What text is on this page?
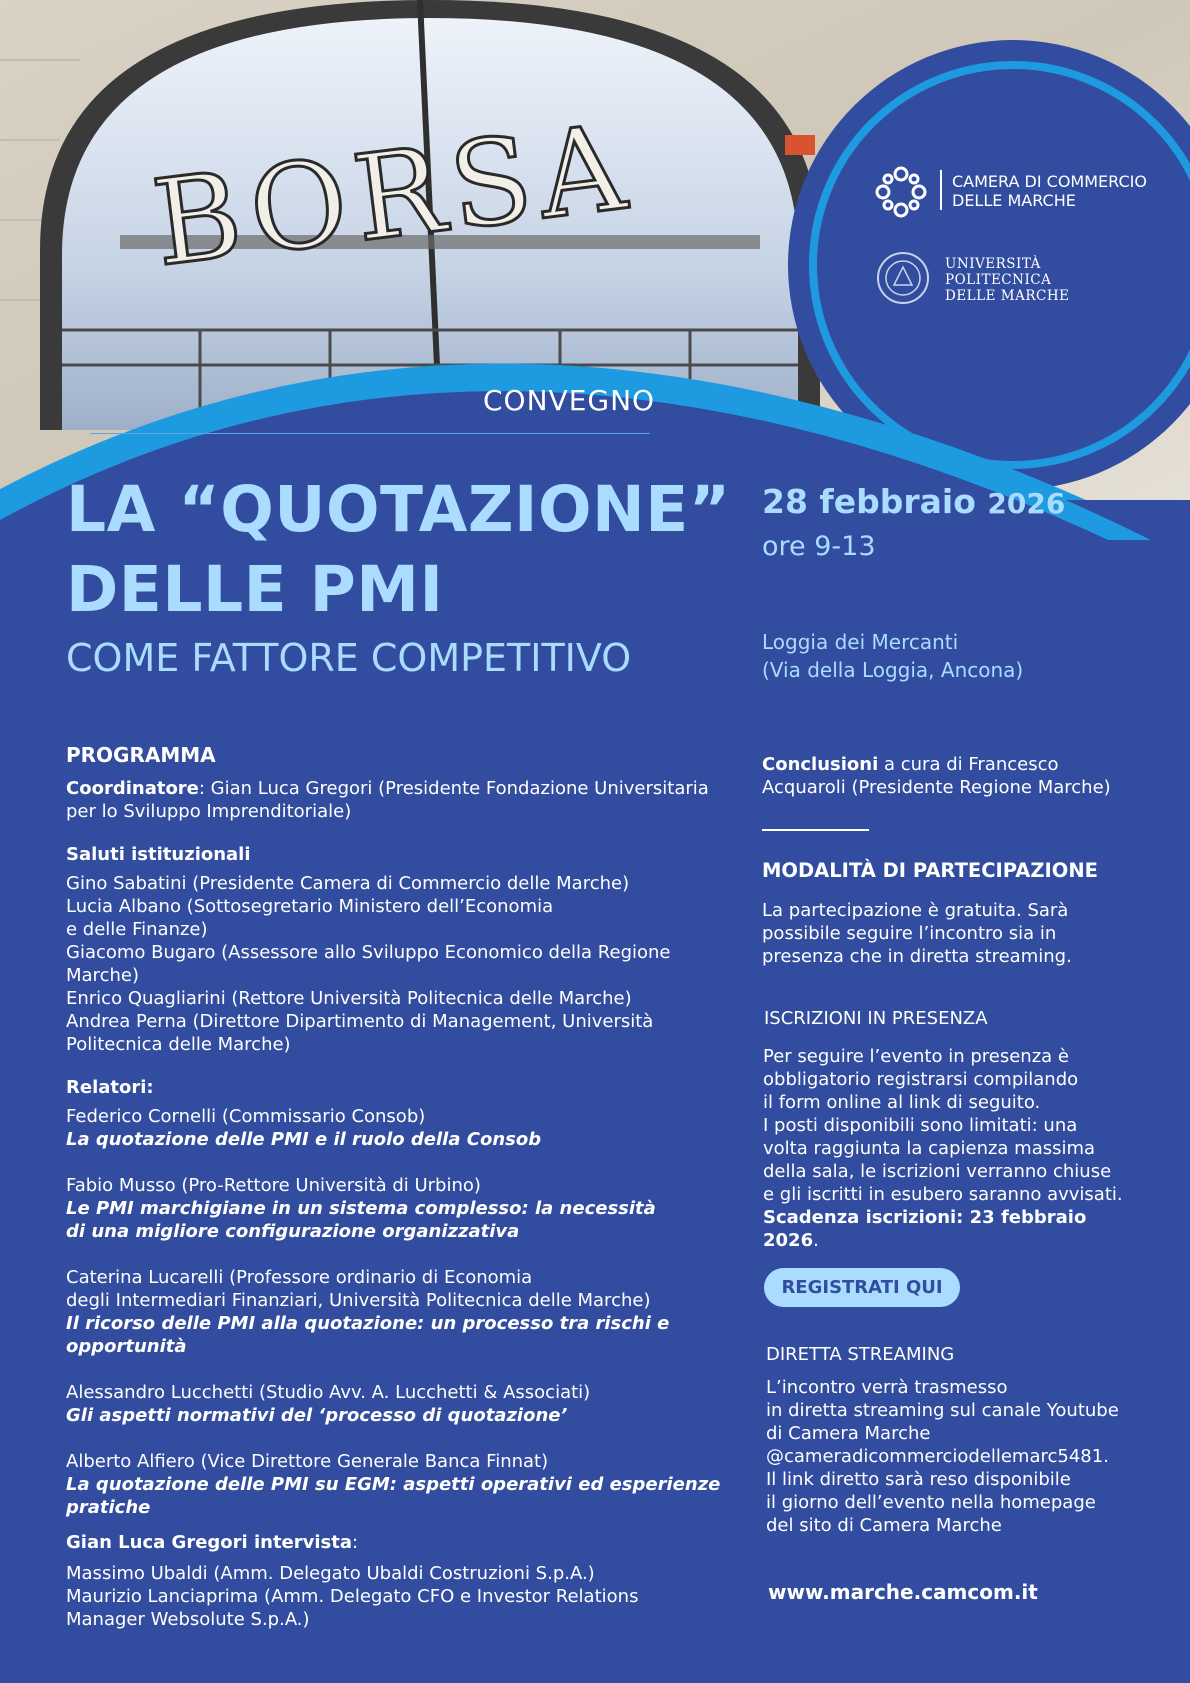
BORSA	CAMERA DI COMMERCIO
DELLE MARCHE
UNIVERSITÀ
POLITECNICA
DELLE MARCHE
CONVEGNO
LA “QUOTAZIONE”
DELLE PMI
COME FATTORE COMPETITIVO
28 febbraio 2026
ore 9-13
Loggia dei Mercanti
(Via della Loggia, Ancona)

PROGRAMMA

Coordinatore: Gian Luca Gregori (Presidente Fondazione Universitaria per lo Sviluppo Imprenditoriale)

Saluti istituzionali

Gino Sabatini (Presidente Camera di Commercio delle Marche)
Lucia Albano (Sottosegretario Ministero dell’Economia
e delle Finanze)
Giacomo Bugaro (Assessore allo Sviluppo Economico della Regione
Marche)
Enrico Quagliarini (Rettore Università Politecnica delle Marche)
Andrea Perna (Direttore Dipartimento di Management, Università
Politecnica delle Marche)

Relatori:

Federico Cornelli (Commissario Consob)
La quotazione delle PMI e il ruolo della Consob
Fabio Musso (Pro-Rettore Università di Urbino)
Le PMI marchigiane in un sistema complesso: la necessità
di una migliore configurazione organizzativa
Caterina Lucarelli (Professore ordinario di Economia
degli Intermediari Finanziari, Università Politecnica delle Marche)
Il ricorso delle PMI alla quotazione: un processo tra rischi e opportunità
Alessandro Lucchetti (Studio Avv. A. Lucchetti & Associati)
Gli aspetti normativi del ‘processo di quotazione’
Alberto Alfiero (Vice Direttore Generale Banca Finnat)
La quotazione delle PMI su EGM: aspetti operativi ed esperienze pratiche

Gian Luca Gregori intervista:

Massimo Ubaldi (Amm. Delegato Ubaldi Costruzioni S.p.A.)
Maurizio Lanciaprima (Amm. Delegato CFO e Investor Relations
Manager Websolute S.p.A.)
Conclusioni a cura di Francesco Acquaroli (Presidente Regione Marche)
MODALITÀ DI PARTECIPAZIONE
La partecipazione è gratuita. Sarà
possibile seguire l’incontro sia in
presenza che in diretta streaming.
ISCRIZIONI IN PRESENZA
Per seguire l’evento in presenza è
obbligatorio registrarsi compilando
il form online al link di seguito.
I posti disponibili sono limitati: una
volta raggiunta la capienza massima
della sala, le iscrizioni verranno chiuse
e gli iscritti in esubero saranno avvisati.
Scadenza iscrizioni: 23 febbraio 2026.
REGISTRATI QUI
DIRETTA STREAMING
L’incontro verrà trasmesso
in diretta streaming sul canale Youtube
di Camera Marche
@cameradicommerciodellemarc5481.
Il link diretto sarà reso disponibile
il giorno dell’evento nella homepage
del sito di Camera Marche
www.marche.camcom.it
